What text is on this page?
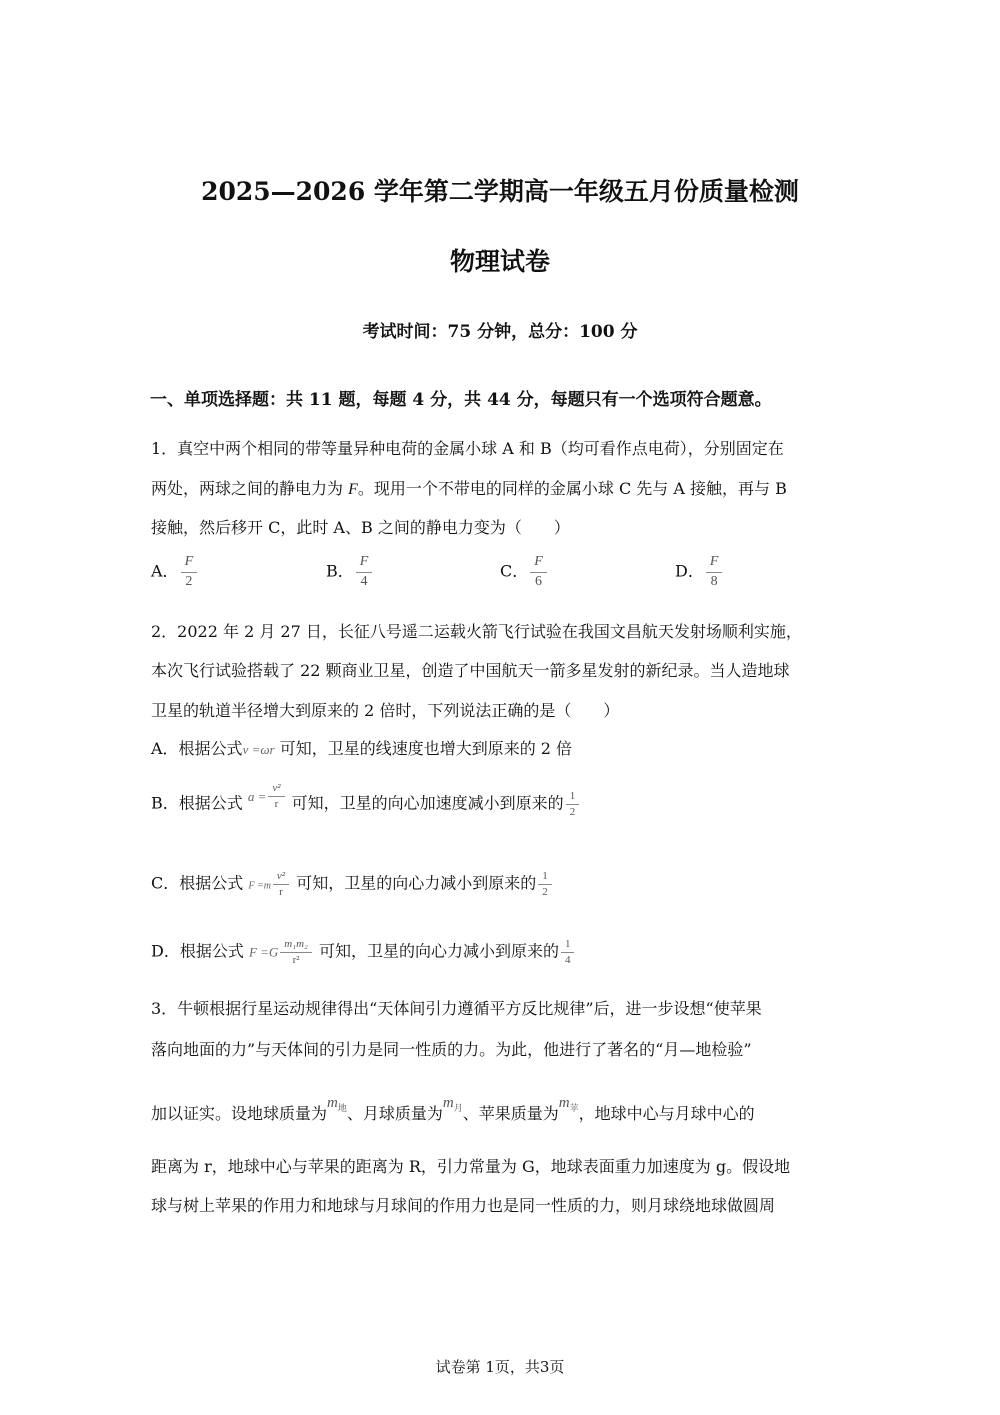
2025—2026 学年第二学期高一年级五月份质量检测
物理试卷
考试时间：75 分钟，总分：100 分
一、单项选择题：共 11 题，每题 4 分，共 44 分，每题只有一个选项符合题意。
1．真空中两个相同的带等量异种电荷的金属小球 A 和 B（均可看作点电荷），分别固定在
两处，两球之间的静电力为 F。现用一个不带电的同样的金属小球 C 先与 A 接触，再与 B
接触，然后移开 C，此时 A、B 之间的静电力变为（　　）
A． $\frac{F}{2}$	B． $\frac{F}{4}$	C． $\frac{F}{6}$	D． $\frac{F}{8}$
2．2022 年 2 月 27 日，长征八号遥二运载火箭飞行试验在我国文昌航天发射场顺利实施，
本次飞行试验搭载了 22 颗商业卫星，创造了中国航天一箭多星发射的新纪录。当人造地球
卫星的轨道半径增大到原来的 2 倍时，下列说法正确的是（　　）
A．根据公式v =ωr 可知，卫星的线速度也增大到原来的 2 倍
B．根据公式 $^{a =} \frac{\text{v²}}{r}$ 可知，卫星的向心加速度减小到原来的 $\frac{1}{2}$
C．根据公式 $F =m \frac{\text{v²}}{r}$ 可知，卫星的向心力减小到原来的 $\frac{1}{2}$
D．根据公式 $F =G \frac{\text{m₁m₂}}{\text{r²}}$ 可知，卫星的向心力减小到原来的 $\frac{1}{4}$
3．牛顿根据行星运动规律得出“天体间引力遵循平方反比规律”后，进一步设想“使苹果
落向地面的力”与天体间的引力是同一性质的力。为此，他进行了著名的“月—地检验”
加以证实。设地球质量为$m_地$、月球质量为$m_月$、苹果质量为$m_苹$，地球中心与月球中心的
距离为 r，地球中心与苹果的距离为 R，引力常量为 G，地球表面重力加速度为 g。假设地
球与树上苹果的作用力和地球与月球间的作用力也是同一性质的力，则月球绕地球做圆周
试卷第 1页，共3页
